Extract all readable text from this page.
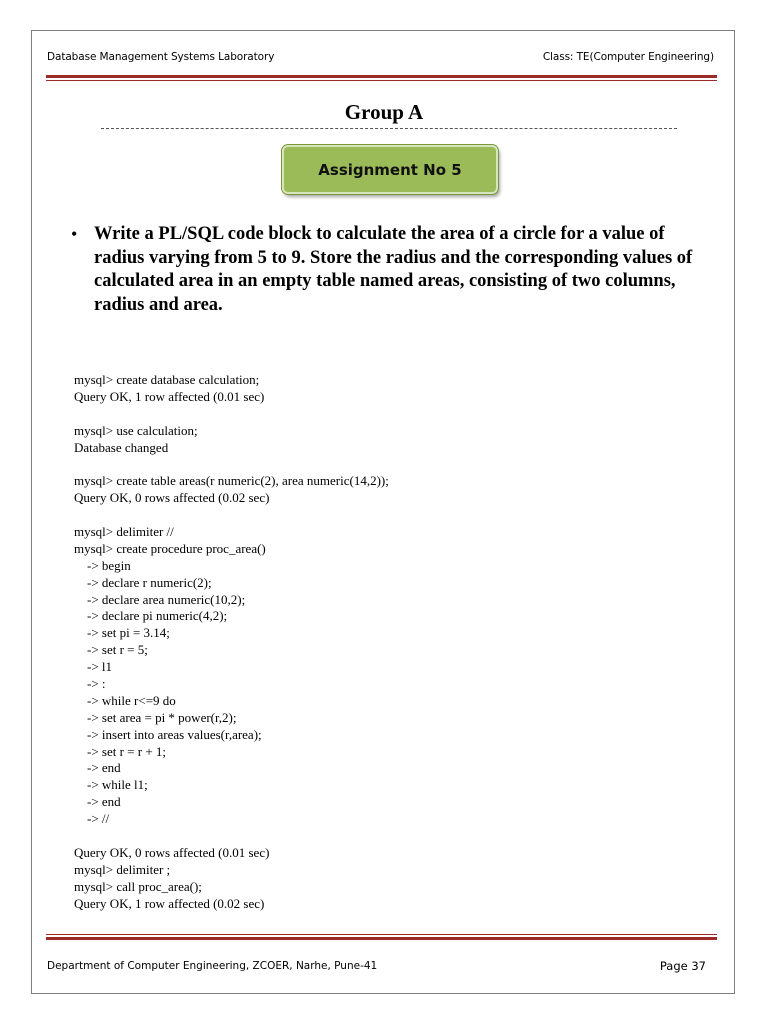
Database Management Systems Laboratory	Class: TE(Computer Engineering)
Group A
Assignment No 5
• Write a PL/SQL code block to calculate the area of a circle for a value of radius varying from 5 to 9. Store the radius and the corresponding values of calculated area in an empty table named areas, consisting of two columns, radius and area.
mysql> create database calculation;
Query OK, 1 row affected (0.01 sec)
mysql> use calculation;
Database changed
mysql> create table areas(r numeric(2), area numeric(14,2));
Query OK, 0 rows affected (0.02 sec)
mysql> delimiter //
mysql> create procedure proc_area()
-> begin
-> declare r numeric(2);
-> declare area numeric(10,2);
-> declare pi numeric(4,2);
-> set pi = 3.14;
-> set r = 5;
-> l1
-> :
-> while r<=9 do
-> set area = pi * power(r,2);
-> insert into areas values(r,area);
-> set r = r + 1;
-> end
-> while l1;
-> end
-> //
Query OK, 0 rows affected (0.01 sec)
mysql> delimiter ;
mysql> call proc_area();
Query OK, 1 row affected (0.02 sec)
Department of Computer Engineering, ZCOER, Narhe, Pune-41	Page 37
